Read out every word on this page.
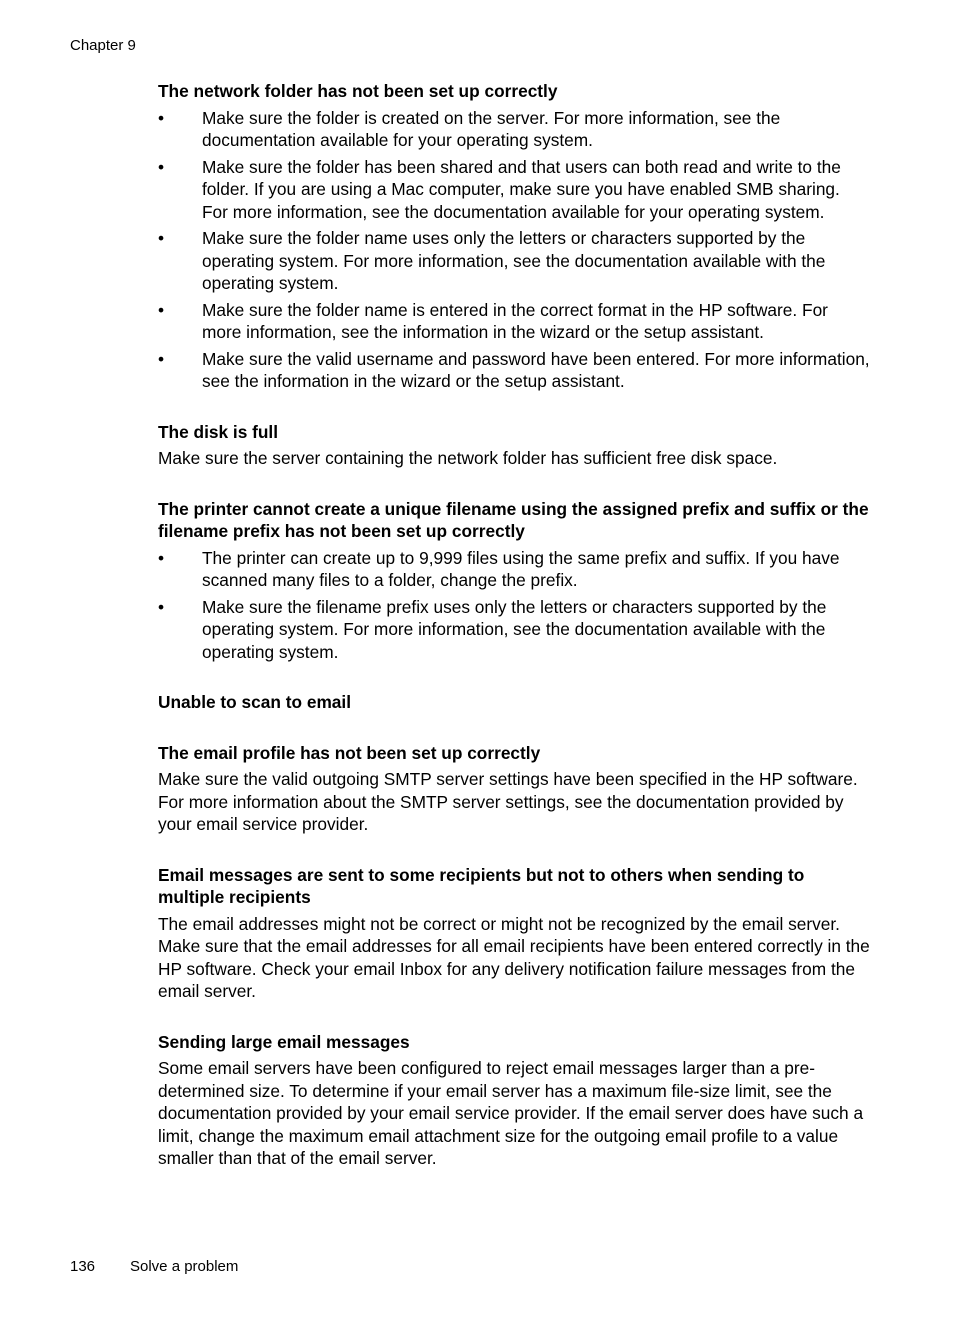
Chapter 9

The network folder has not been set up correctly

• Make sure the folder is created on the server. For more information, see the documentation available for your operating system.
• Make sure the folder has been shared and that users can both read and write to the folder. If you are using a Mac computer, make sure you have enabled SMB sharing. For more information, see the documentation available for your operating system.
• Make sure the folder name uses only the letters or characters supported by the operating system. For more information, see the documentation available with the operating system.
• Make sure the folder name is entered in the correct format in the HP software. For more information, see the information in the wizard or the setup assistant.
• Make sure the valid username and password have been entered. For more information, see the information in the wizard or the setup assistant.

The disk is full

Make sure the server containing the network folder has sufficient free disk space.

The printer cannot create a unique filename using the assigned prefix and suffix or the filename prefix has not been set up correctly

• The printer can create up to 9,999 files using the same prefix and suffix. If you have scanned many files to a folder, change the prefix.
• Make sure the filename prefix uses only the letters or characters supported by the operating system. For more information, see the documentation available with the operating system.

Unable to scan to email

The email profile has not been set up correctly

Make sure the valid outgoing SMTP server settings have been specified in the HP software. For more information about the SMTP server settings, see the documentation provided by your email service provider.

Email messages are sent to some recipients but not to others when sending to multiple recipients

The email addresses might not be correct or might not be recognized by the email server. Make sure that the email addresses for all email recipients have been entered correctly in the HP software. Check your email Inbox for any delivery notification failure messages from the email server.

Sending large email messages

Some email servers have been configured to reject email messages larger than a pre-determined size. To determine if your email server has a maximum file-size limit, see the documentation provided by your email service provider. If the email server does have such a limit, change the maximum email attachment size for the outgoing email profile to a value smaller than that of the email server.

136 Solve a problem
